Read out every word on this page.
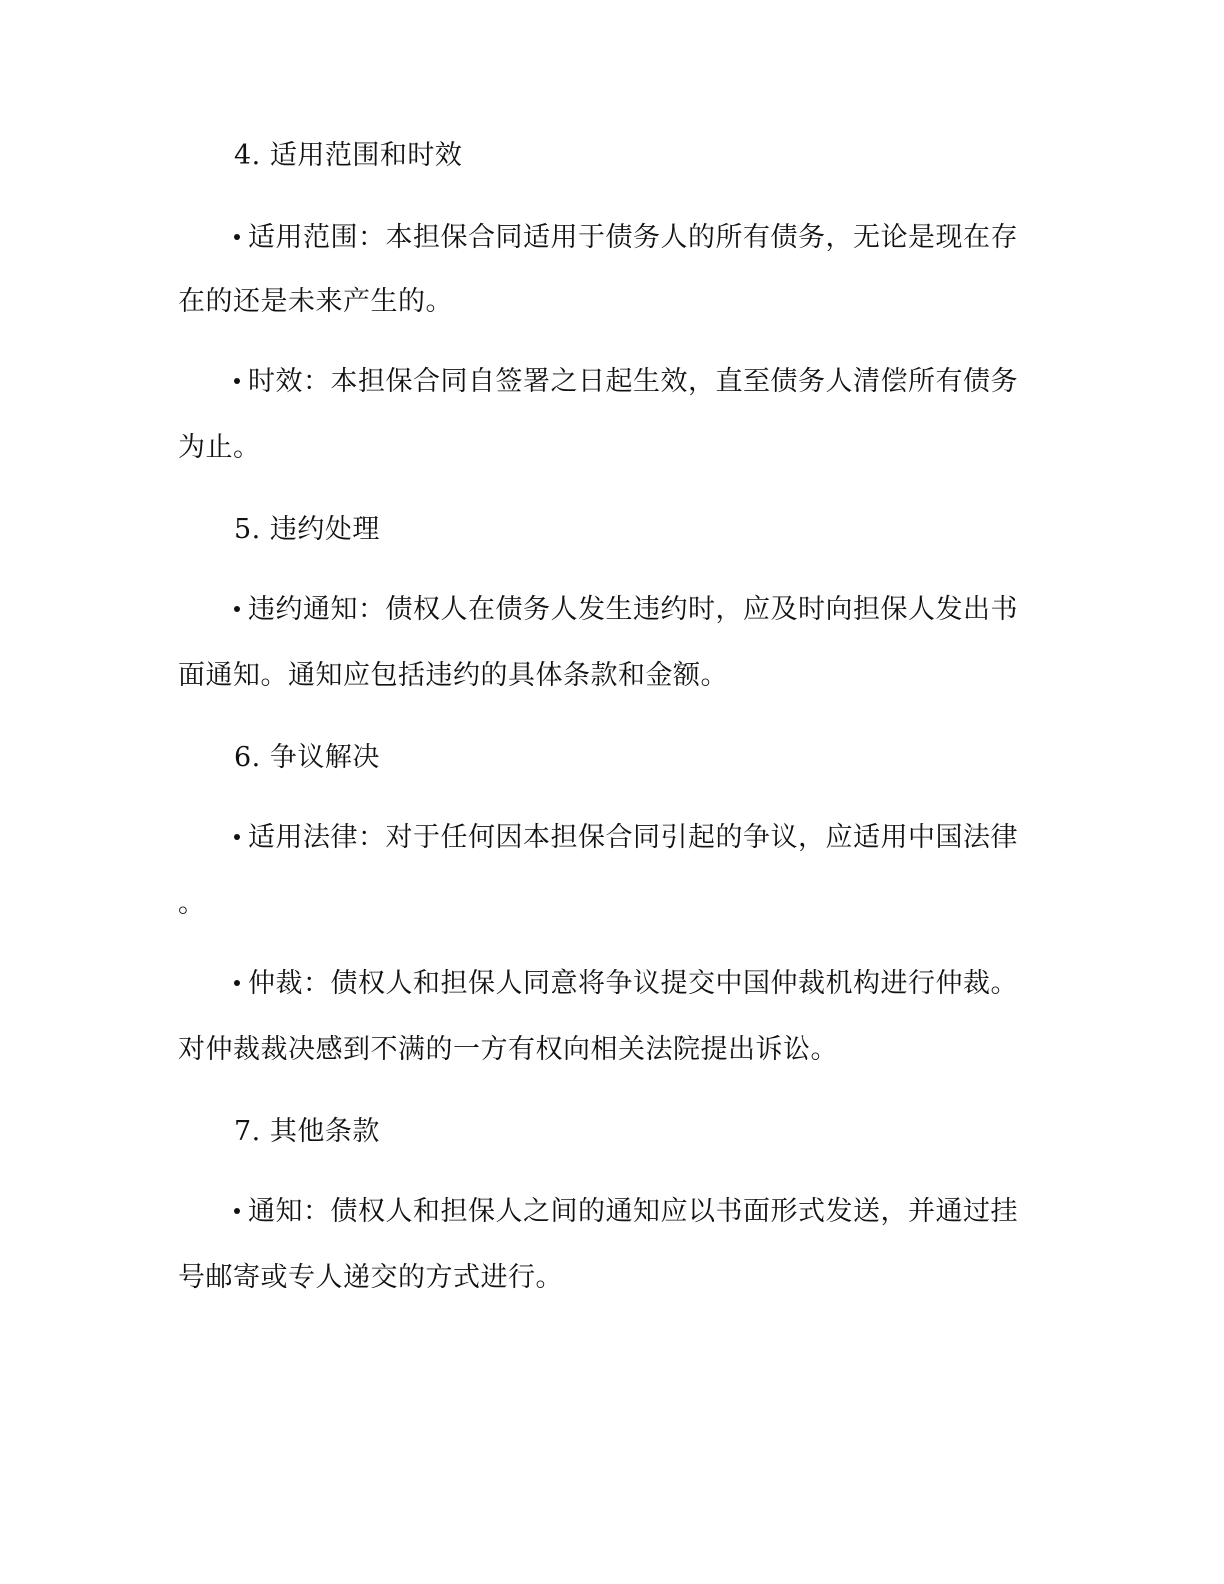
4. 适用范围和时效
适用范围：本担保合同适用于债务人的所有债务，无论是现在存
在的还是未来产生的。
时效：本担保合同自签署之日起生效，直至债务人清偿所有债务
为止。
5. 违约处理
违约通知：债权人在债务人发生违约时，应及时向担保人发出书
面通知。通知应包括违约的具体条款和金额。
6. 争议解决
适用法律：对于任何因本担保合同引起的争议，应适用中国法律
。
仲裁：债权人和担保人同意将争议提交中国仲裁机构进行仲裁。
对仲裁裁决感到不满的一方有权向相关法院提出诉讼。
7. 其他条款
通知：债权人和担保人之间的通知应以书面形式发送，并通过挂
号邮寄或专人递交的方式进行。
